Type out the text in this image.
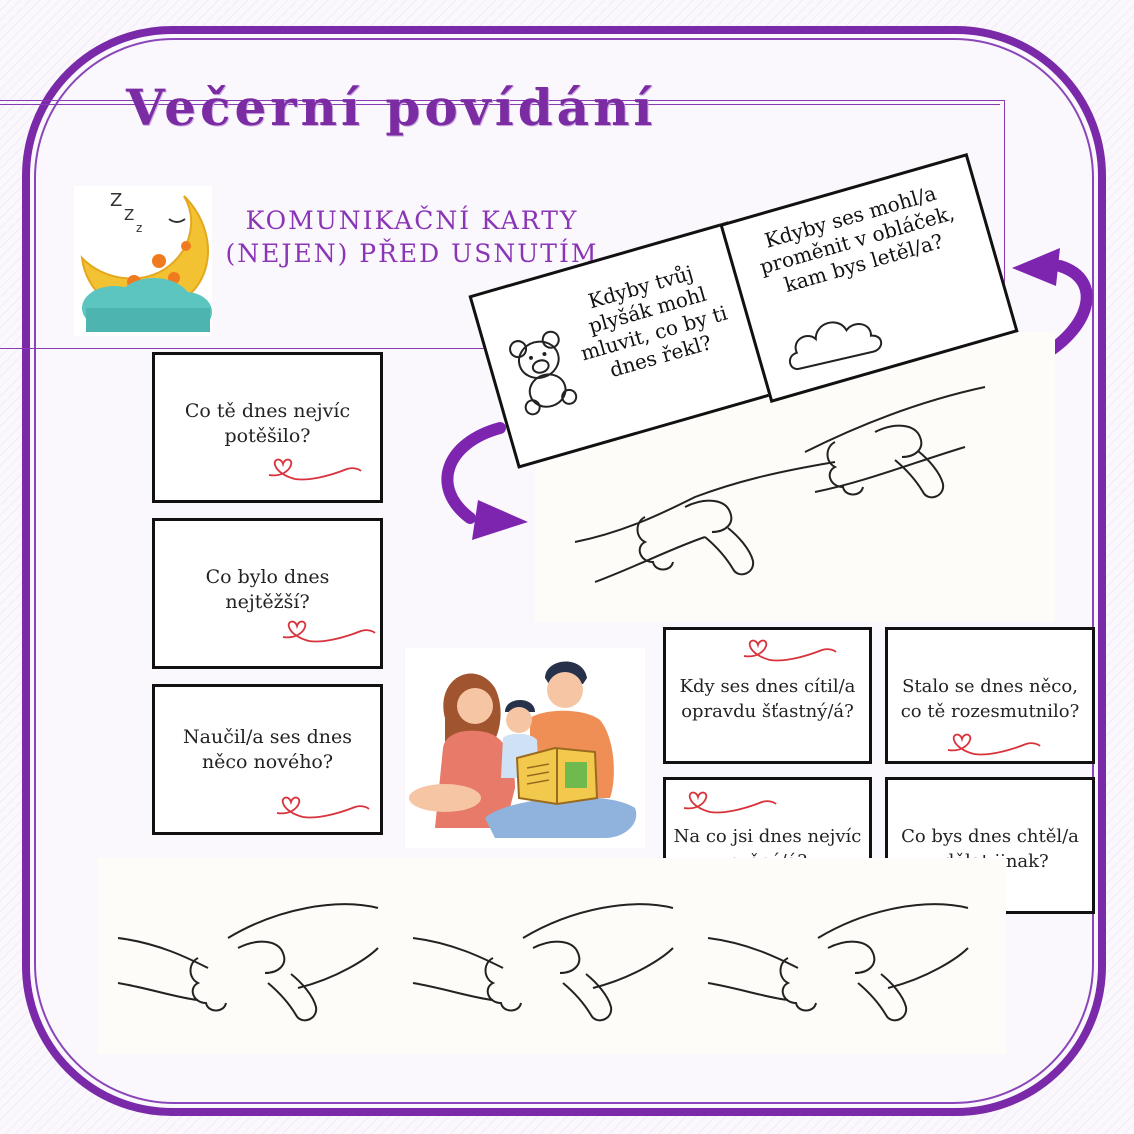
Večerní povídání
Z
Z
z	KOMUNIKAČNÍ KARTY
(NEJEN) PŘED USNUTÍM
Kdyby tvůj plyšák mohl mluvit, co by ti dnes řekl?
Kdyby ses mohl/a proměnit v obláček, kam bys letěl/a?
Co tě dnes nejvíc potěšilo?
Co bylo dnes nejtěžší?
Naučil/a ses dnes něco nového?
Kdy ses dnes cítil/a opravdu šťastný/á?
Stalo se dnes něco, co tě rozesmutnilo?
Na co jsi dnes nejvíc pyšný/á?
Co bys dnes chtěl/a udělat jinak?
